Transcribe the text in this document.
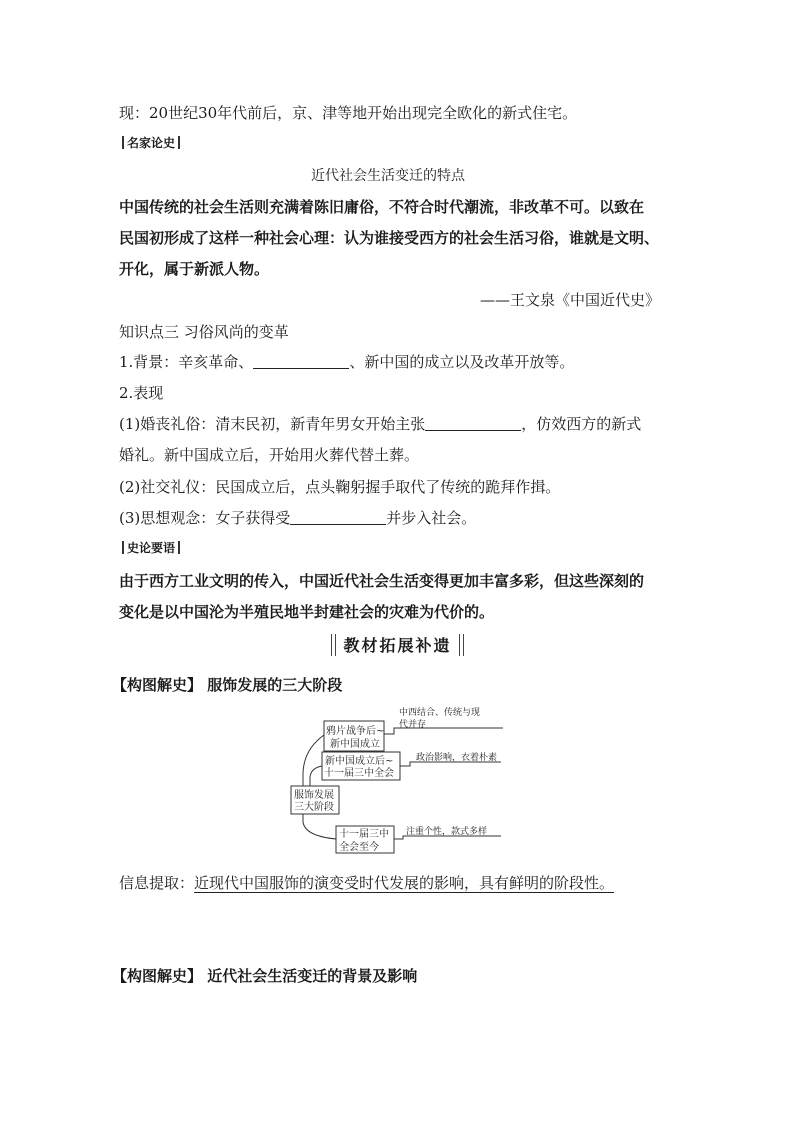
现：20世纪30年代前后，京、津等地开始出现完全欧化的新式住宅。
名家论史
近代社会生活变迁的特点
中国传统的社会生活则充满着陈旧庸俗，不符合时代潮流，非改革不可。以致在
民国初形成了这样一种社会心理：认为谁接受西方的社会生活习俗，谁就是文明、
开化，属于新派人物。
——王文泉《中国近代史》
知识点三 习俗风尚的变革
1.背景：辛亥革命、	、新中国的成立以及改革开放等。
2.表现
(1)婚丧礼俗：清末民初，新青年男女开始主张	，仿效西方的新式
婚礼。新中国成立后，开始用火葬代替土葬。
(2)社交礼仪：民国成立后，点头鞠躬握手取代了传统的跪拜作揖。
(3)思想观念：女子获得受	并步入社会。
史论要语
由于西方工业文明的传入，中国近代社会生活变得更加丰富多彩，但这些深刻的
变化是以中国沦为半殖民地半封建社会的灾难为代价的。
教材拓展补遗
【构图解史】 服饰发展的三大阶段
鸦片战争后~
新中国成立
中西结合、传统与现
代并存
新中国成立后~
十一届三中全会
政治影响，衣着朴素
服饰发展
三大阶段
十一届三中
全会至今
注重个性，款式多样
信息提取：近现代中国服饰的演变受时代发展的影响，具有鲜明的阶段性。
【构图解史】 近代社会生活变迁的背景及影响
